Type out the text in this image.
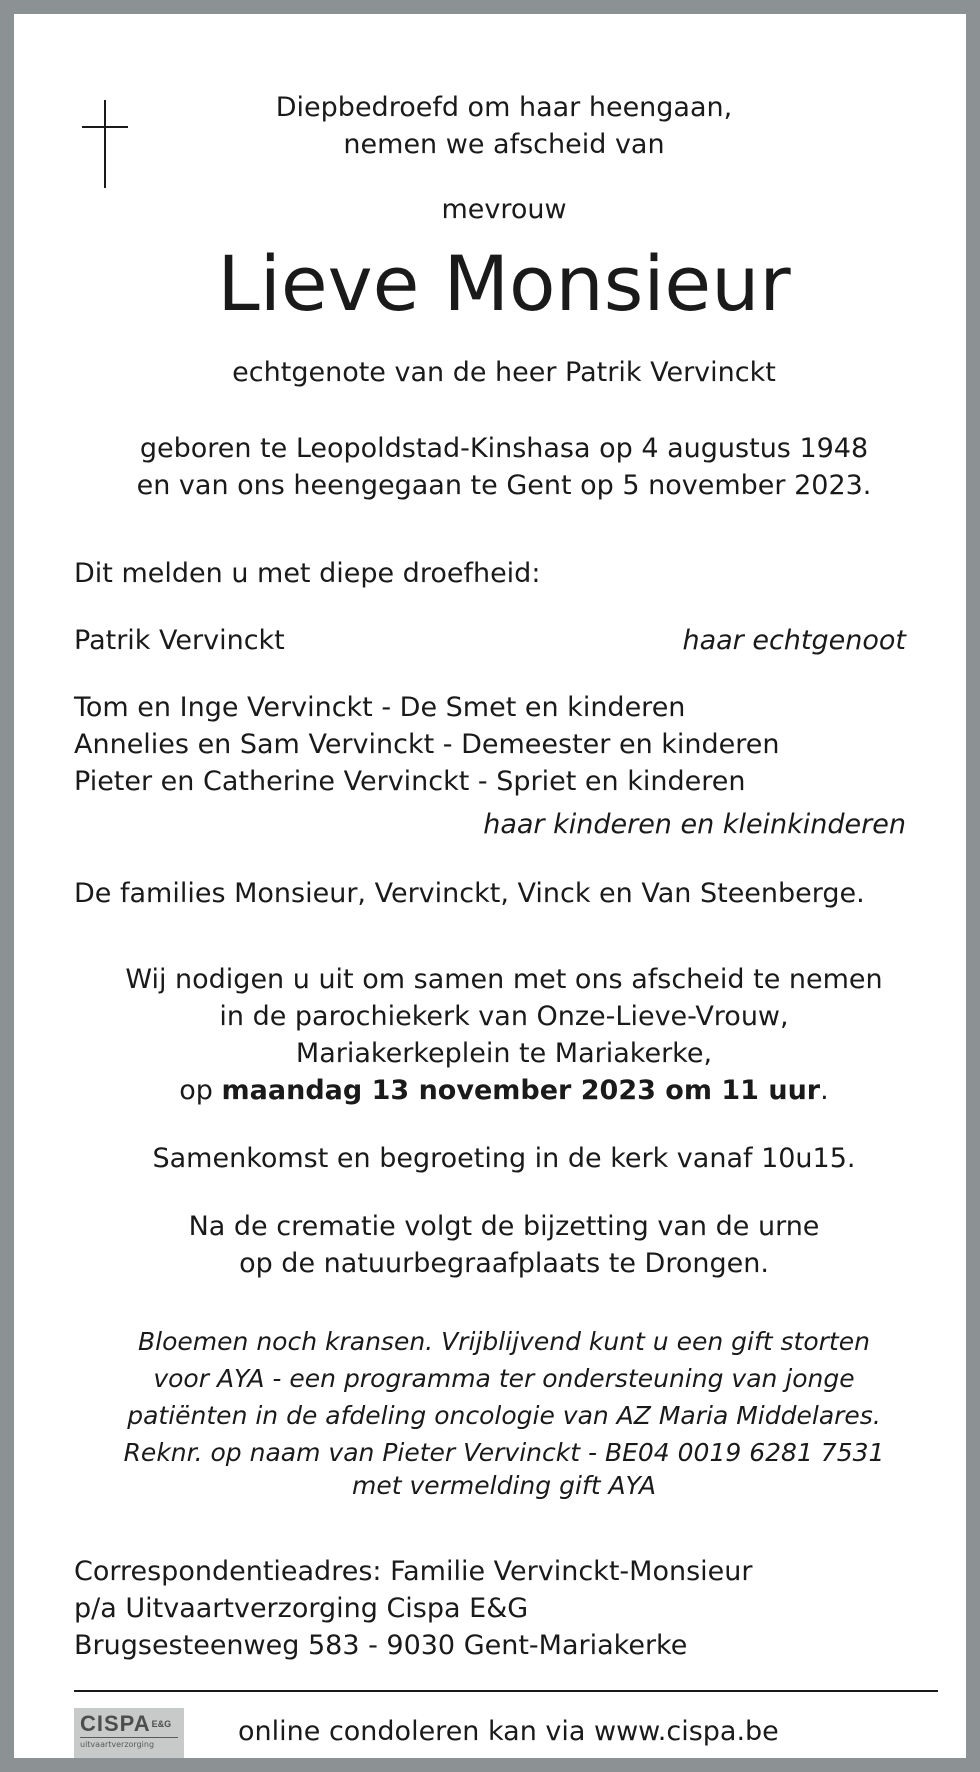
Diepbedroefd om haar heengaan,
nemen we afscheid van
mevrouw
Lieve Monsieur
echtgenote van de heer Patrik Vervinckt
geboren te Leopoldstad-Kinshasa op 4 augustus 1948
en van ons heengegaan te Gent op 5 november 2023.
Dit melden u met diepe droefheid:
Patrik Vervinckt	haar echtgenoot
Tom en Inge Vervinckt - De Smet en kinderen
Annelies en Sam Vervinckt - Demeester en kinderen
Pieter en Catherine Vervinckt - Spriet en kinderen
haar kinderen en kleinkinderen
De families Monsieur, Vervinckt, Vinck en Van Steenberge.
Wij nodigen u uit om samen met ons afscheid te nemen
in de parochiekerk van Onze-Lieve-Vrouw,
Mariakerkeplein te Mariakerke,
op maandag 13 november 2023 om 11 uur.
Samenkomst en begroeting in de kerk vanaf 10u15.
Na de crematie volgt de bijzetting van de urne
op de natuurbegraafplaats te Drongen.
Bloemen noch kransen. Vrijblijvend kunt u een gift storten
voor AYA - een programma ter ondersteuning van jonge
patiënten in de afdeling oncologie van AZ Maria Middelares.
Reknr. op naam van Pieter Vervinckt - BE04 0019 6281 7531
met vermelding gift AYA
Correspondentieadres: Familie Vervinckt-Monsieur
p/a Uitvaartverzorging Cispa E&G
Brugsesteenweg 583 - 9030 Gent-Mariakerke
$CISPA^{E\&G}$
uitvaartverzorging	online condoleren kan via www.cispa.be
